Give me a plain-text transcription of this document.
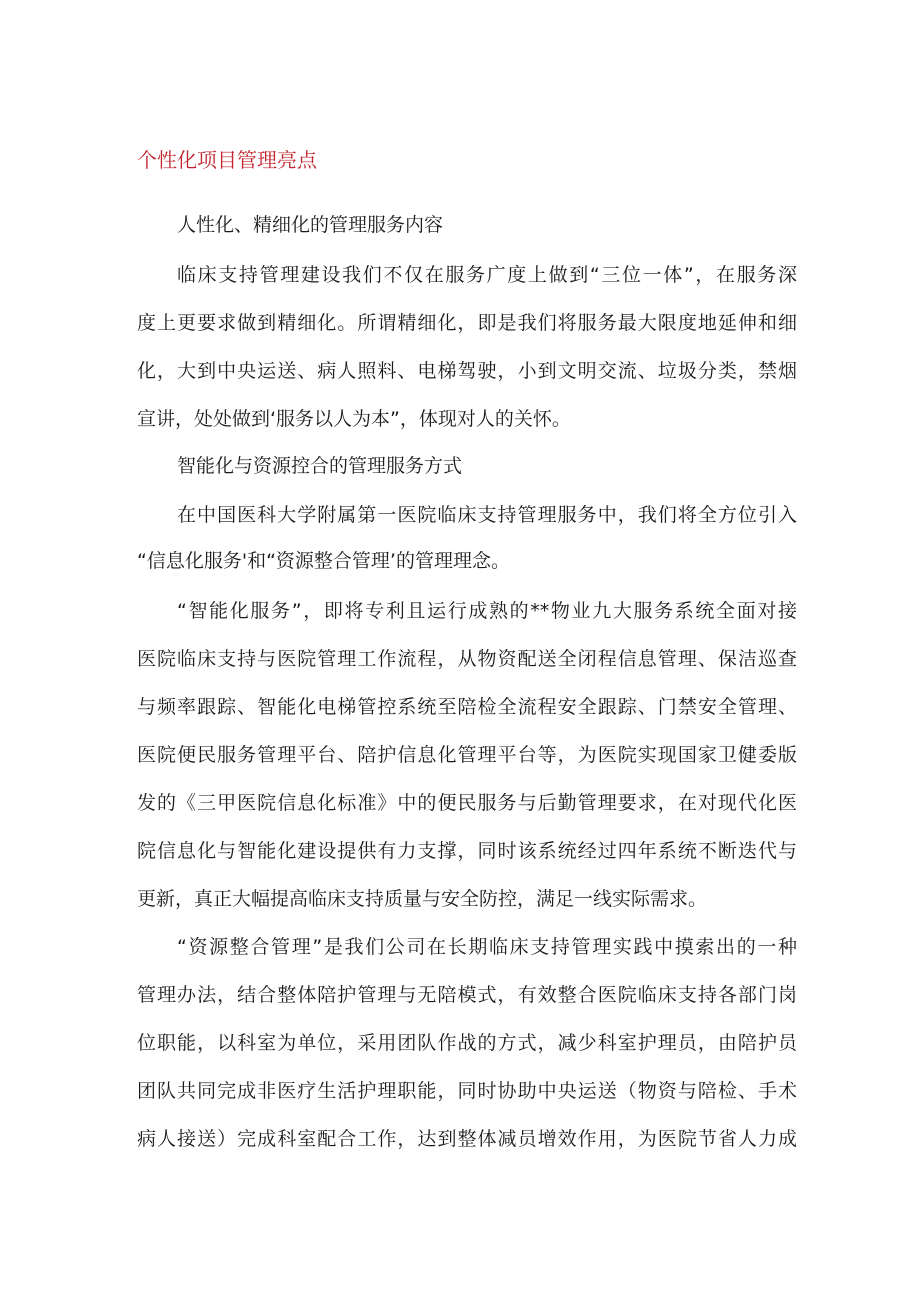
个性化项目管理亮点
人性化、精细化的管理服务内容
临床支持管理建设我们不仅在服务广度上做到“三位一体”，在服务深
度上更要求做到精细化。所谓精细化，即是我们将服务最大限度地延伸和细
化，大到中央运送、病人照料、电梯驾驶，小到文明交流、垃圾分类，禁烟
宣讲，处处做到‘服务以人为本”，体现对人的关怀。
智能化与资源控合的管理服务方式
在中国医科大学附属第一医院临床支持管理服务中，我们将全方位引入
“信息化服务'和“资源整合管理’的管理理念。
“智能化服务”，即将专利且运行成熟的**物业九大服务系统全面对接
医院临床支持与医院管理工作流程，从物资配送全闭程信息管理、保洁巡查
与频率跟踪、智能化电梯管控系统至陪检全流程安全跟踪、门禁安全管理、
医院便民服务管理平台、陪护信息化管理平台等，为医院实现国家卫健委版
发的《三甲医院信息化标准》中的便民服务与后勤管理要求，在对现代化医
院信息化与智能化建设提供有力支撑，同时该系统经过四年系统不断迭代与
更新，真正大幅提高临床支持质量与安全防控，满足一线实际需求。
“资源整合管理”是我们公司在长期临床支持管理实践中摸索出的一种
管理办法，结合整体陪护管理与无陪模式，有效整合医院临床支持各部门岗
位职能，以科室为单位，采用团队作战的方式，减少科室护理员，由陪护员
团队共同完成非医疗生活护理职能，同时协助中央运送（物资与陪检、手术
病人接送）完成科室配合工作，达到整体减员增效作用，为医院节省人力成
